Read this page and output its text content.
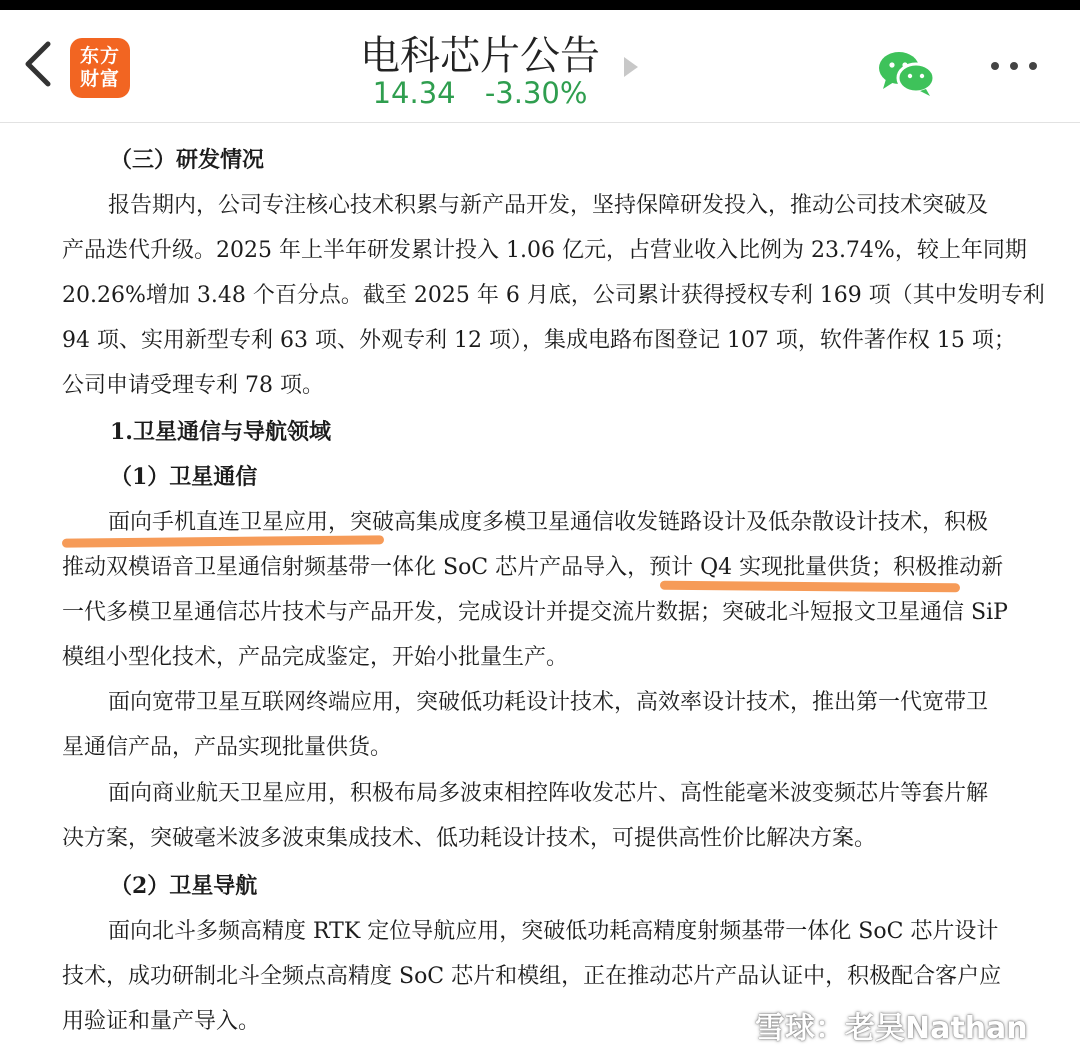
东方
财富	电科芯片公告
14.34 -3.30%
（三）研发情况
报告期内，公司专注核心技术积累与新产品开发，坚持保障研发投入，推动公司技术突破及
产品迭代升级。2025 年上半年研发累计投入 1.06 亿元，占营业收入比例为 23.74%，较上年同期
20.26%增加 3.48 个百分点。截至 2025 年 6 月底，公司累计获得授权专利 169 项（其中发明专利
94 项、实用新型专利 63 项、外观专利 12 项），集成电路布图登记 107 项，软件著作权 15 项；
公司申请受理专利 78 项。
1.卫星通信与导航领域
（1）卫星通信
面向手机直连卫星应用，突破高集成度多模卫星通信收发链路设计及低杂散设计技术，积极
推动双模语音卫星通信射频基带一体化 SoC 芯片产品导入，预计 Q4 实现批量供货；积极推动新
一代多模卫星通信芯片技术与产品开发，完成设计并提交流片数据；突破北斗短报文卫星通信 SiP
模组小型化技术，产品完成鉴定，开始小批量生产。
面向宽带卫星互联网终端应用，突破低功耗设计技术，高效率设计技术，推出第一代宽带卫
星通信产品，产品实现批量供货。
面向商业航天卫星应用，积极布局多波束相控阵收发芯片、高性能毫米波变频芯片等套片解
决方案，突破毫米波多波束集成技术、低功耗设计技术，可提供高性价比解决方案。
（2）卫星导航
面向北斗多频高精度 RTK 定位导航应用，突破低功耗高精度射频基带一体化 SoC 芯片设计
技术，成功研制北斗全频点高精度 SoC 芯片和模组，正在推动芯片产品认证中，积极配合客户应
用验证和量产导入。	雪球：老吴Nathan
